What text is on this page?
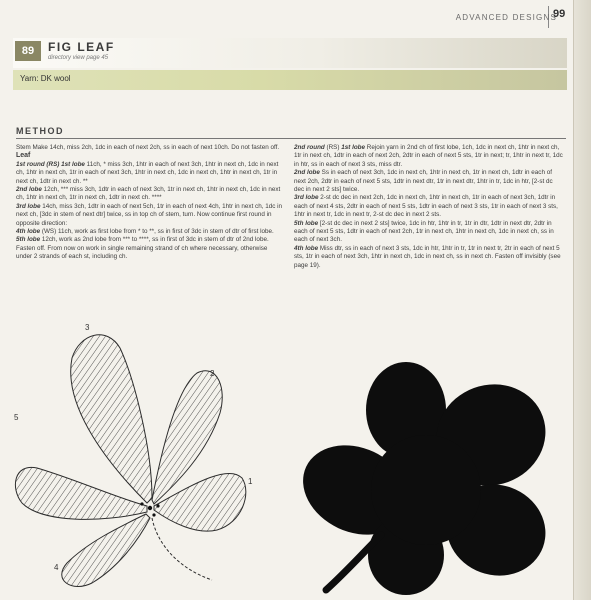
ADVANCED DESIGNS
99
89	FIG LEAF
directory view page 45
Yarn: DK wool
METHOD

Stem Make 14ch, miss 2ch, 1dc in each of next 2ch, ss in each of next 10ch. Do not fasten off.

Leaf

1st round (RS) 1st lobe 11ch, * miss 3ch, 1htr in each of next 3ch, 1htr in next ch, 1dc in next ch, 1htr in next ch, 1tr in each of next 3ch, 1htr in next ch, 1dc in next ch, 1htr in next ch, 1tr in next ch, 1dtr in next ch. **

2nd lobe 12ch, *** miss 3ch, 1dtr in each of next 3ch, 1tr in next ch, 1htr in next ch, 1dc in next ch, 1htr in next ch, 1tr in next ch, 1dtr in next ch. ****

3rd lobe 14ch, miss 3ch, 1dtr in each of next 5ch, 1tr in each of next 4ch, 1htr in next ch, 1dc in next ch, [3dc in stem of next dtr] twice, ss in top ch of stem, turn. Now continue first round in opposite direction:

4th lobe (WS) 11ch, work as first lobe from * to **, ss in first of 3dc in stem of dtr of first lobe.

5th lobe 12ch, work as 2nd lobe from *** to ****, ss in first of 3dc in stem of dtr of 2nd lobe. Fasten off. From now on work in single remaining strand of ch where necessary, otherwise under 2 strands of each st, including ch.

2nd round (RS) 1st lobe Rejoin yarn in 2nd ch of first lobe, 1ch, 1dc in next ch, 1htr in next ch, 1tr in next ch, 1dtr in each of next 2ch, 2dtr in each of next 5 sts, 1tr in next; tr, 1htr in next tr, 1dc in htr, ss in each of next 3 sts, miss dtr.

2nd lobe Ss in each of next 3ch, 1dc in next ch, 1htr in next ch, 1tr in next ch, 1dtr in each of next 2ch, 2dtr in each of next 5 sts, 1dtr in next dtr, 1tr in next dtr, 1htr in tr, 1dc in htr, [2-st dc dec in next 2 sts] twice.

3rd lobe 2-st dc dec in next 2ch, 1dc in next ch, 1htr in next ch, 1tr in each of next 3ch, 1dtr in each of next 4 sts, 2dtr in each of next 5 sts, 1dtr in each of next 3 sts, 1tr in each of next 3 sts, 1htr in next tr, 1dc in next tr, 2-st dc dec in next 2 sts.

5th lobe [2-st dc dec in next 2 sts] twice, 1dc in htr, 1htr in tr, 1tr in dtr, 1dtr in next dtr, 2dtr in each of next 5 sts, 1dtr in each of next 2ch, 1tr in next ch, 1htr in next ch, 1dc in next ch, ss in each of next 3ch.

4th lobe Miss dtr, ss in each of next 3 sts, 1dc in htr, 1htr in tr, 1tr in next tr, 2tr in each of next 5 sts, 1tr in each of next 3ch, 1htr in next ch, 1dc in next ch, ss in next ch. Fasten off invisibly (see page 19).

3
2
1
5
4
